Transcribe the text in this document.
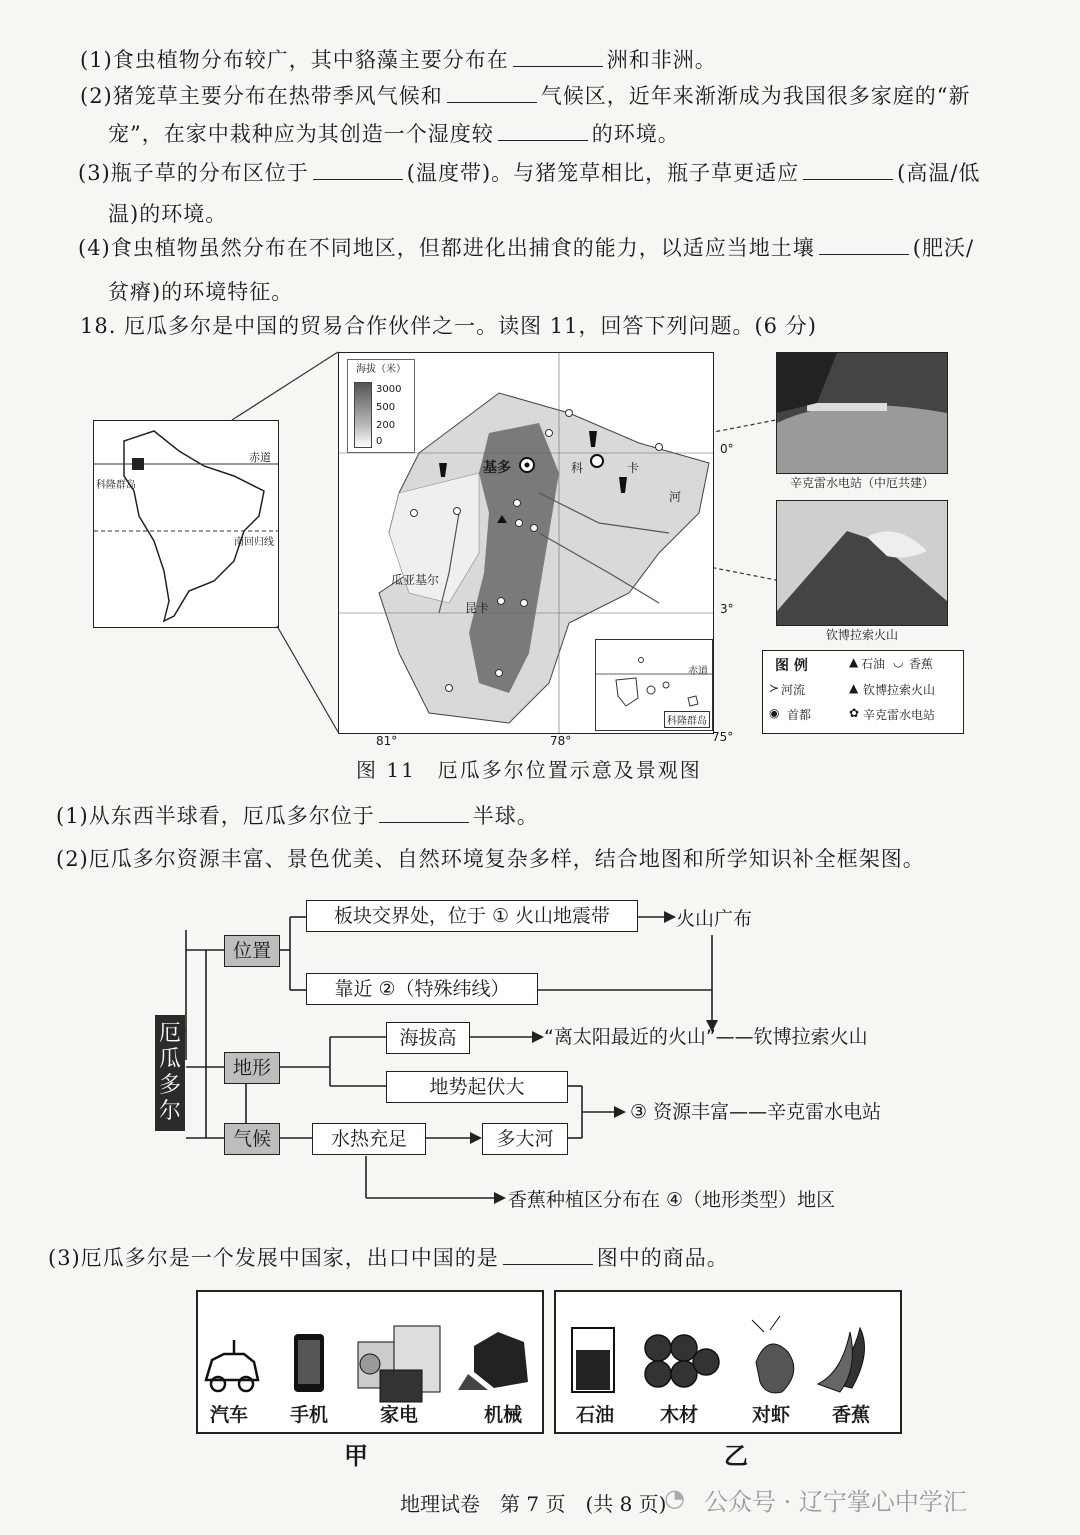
(1)食虫植物分布较广，其中貉藻主要分布在	洲和非洲。
(2)猪笼草主要分布在热带季风气候和	气候区，近年来渐渐成为我国很多家庭的“新
宠”，在家中栽种应为其创造一个湿度较	的环境。
(3)瓶子草的分布区位于	(温度带)。与猪笼草相比，瓶子草更适应	(高温/低
温)的环境。
(4)食虫植物虽然分布在不同地区，但都进化出捕食的能力，以适应当地土壤	(肥沃/
贫瘠)的环境特征。
18. 厄瓜多尔是中国的贸易合作伙伴之一。读图 11，回答下列问题。(6 分)
赤道
科隆群岛
南回归线
海拔（米）
3000
500
200
0
基多	科	卡
河
瓜亚基尔
昆卡
赤道
科隆群岛
0°
3°
81°	78°	75°
辛克雷水电站（中厄共建）
钦博拉索火山
图 例	▲ 石油 ◡ 香蕉
≻ 河流	▲ 钦博拉索火山
◉ 首都	✿ 辛克雷水电站
图 11　厄瓜多尔位置示意及景观图
(1)从东西半球看，厄瓜多尔位于	半球。
(2)厄瓜多尔资源丰富、景色优美、自然环境复杂多样，结合地图和所学知识补全框架图。
厄瓜多尔
位置
地形
气候
板块交界处，位于 ① 火山地震带	火山广布
靠近 ②（特殊纬线）
海拔高	“离太阳最近的火山”——钦博拉索火山
地势起伏大
水热充足	多大河
③ 资源丰富——辛克雷水电站
香蕉种植区分布在 ④（地形类型）地区
(3)厄瓜多尔是一个发展中国家，出口中国的是	图中的商品。
汽车 手机	家电	机械	石油 木材	对虾 香蕉
甲	乙
地理试卷　第 7 页　(共 8 页)
◔ 公众号 · 辽宁掌心中学汇
